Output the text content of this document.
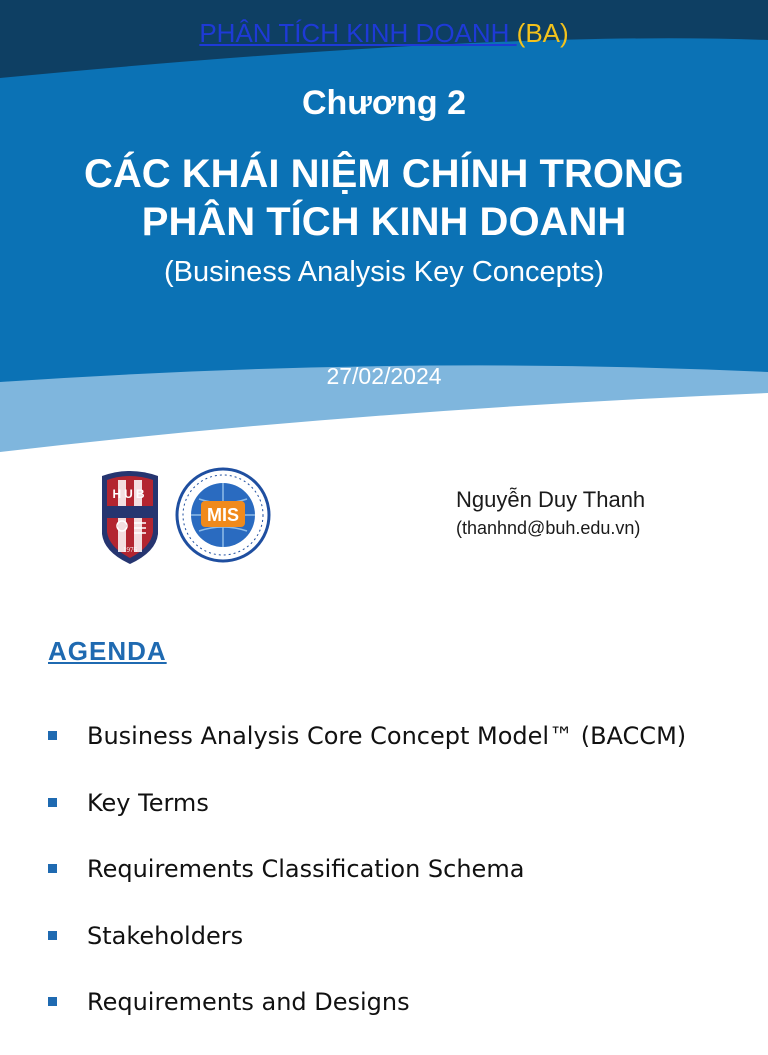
PHÂN TÍCH KINH DOANH (BA)
Chương 2
CÁC KHÁI NIỆM CHÍNH TRONG
PHÂN TÍCH KINH DOANH
(Business Analysis Key Concepts)
27/02/2024
HUB
1976
MIS
Nguyễn Duy Thanh
(thanhnd@buh.edu.vn)
AGENDA
Business Analysis Core Concept Model™ (BACCM)
Key Terms
Requirements Classification Schema
Stakeholders
Requirements and Designs
